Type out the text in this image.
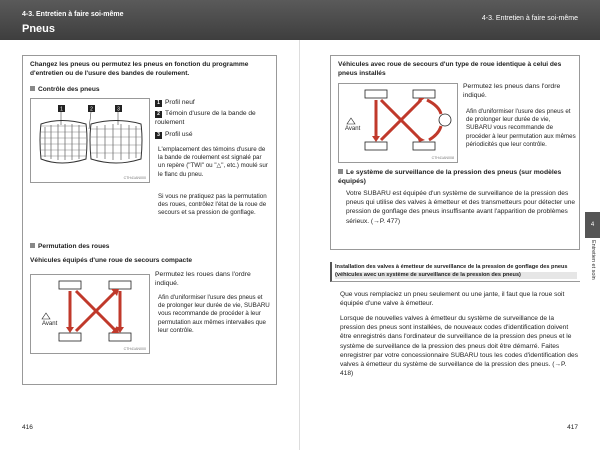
4-3. Entretien à faire soi-même
Pneus
4-3. Entretien à faire soi-même
Changez les pneus ou permutez les pneus en fonction du programme d'entretien ou de l'usure des bandes de roulement.
Contrôle des pneus
1	2	3
CTH41AN000
1 Profil neuf
2 Témoin d'usure de la bande de roulement
3 Profil usé
L'emplacement des témoins d'usure de la bande de roulement est signalé par un repère ("TWI" ou "△", etc.) moulé sur le flanc du pneu.
Si vous ne pratiquez pas la permutation des roues, contrôlez l'état de la roue de secours et sa pression de gonflage.
Permutation des roues
Véhicules équipés d'une roue de secours compacte
Avant
CTH41AN000
Permutez les roues dans l'ordre indiqué.
Afin d'uniformiser l'usure des pneus et de prolonger leur durée de vie, SUBARU vous recommande de procéder à leur permutation aux mêmes intervalles que leur contrôle.
Véhicules avec roue de secours d'un type de roue identique à celui des pneus installés
Avant
CTH41AN008
Permutez les pneus dans l'ordre indiqué.
Afin d'uniformiser l'usure des pneus et de prolonger leur durée de vie, SUBARU vous recommande de procéder à leur permutation aux mêmes périodicités que leur contrôle.
Le système de surveillance de la pression des pneus (sur modèles équipés)
Votre SUBARU est équipée d'un système de surveillance de la pression des pneus qui utilise des valves à émetteur et des transmetteurs pour détecter une pression de gonflage des pneus insuffisante avant l'apparition de problèmes sérieux. (→P. 477)
4
Entretien et soin
Installation des valves à émetteur de surveillance de la pression de gonflage des pneus
(véhicules avec un système de surveillance de la pression des pneus)
Que vous remplaciez un pneu seulement ou une jante, il faut que la roue soit équipée d'une valve à émetteur.
Lorsque de nouvelles valves à émetteur du système de surveillance de la pression des pneus sont installées, de nouveaux codes d'identification doivent être enregistrés dans l'ordinateur de surveillance de la pression des pneus et le système de surveillance de la pression des pneus doit être démarré. Faites enregistrer par votre concessionnaire SUBARU tous les codes d'identification des valves à émetteur du système de surveillance de la pression des pneus. (→P. 418)
416	417
